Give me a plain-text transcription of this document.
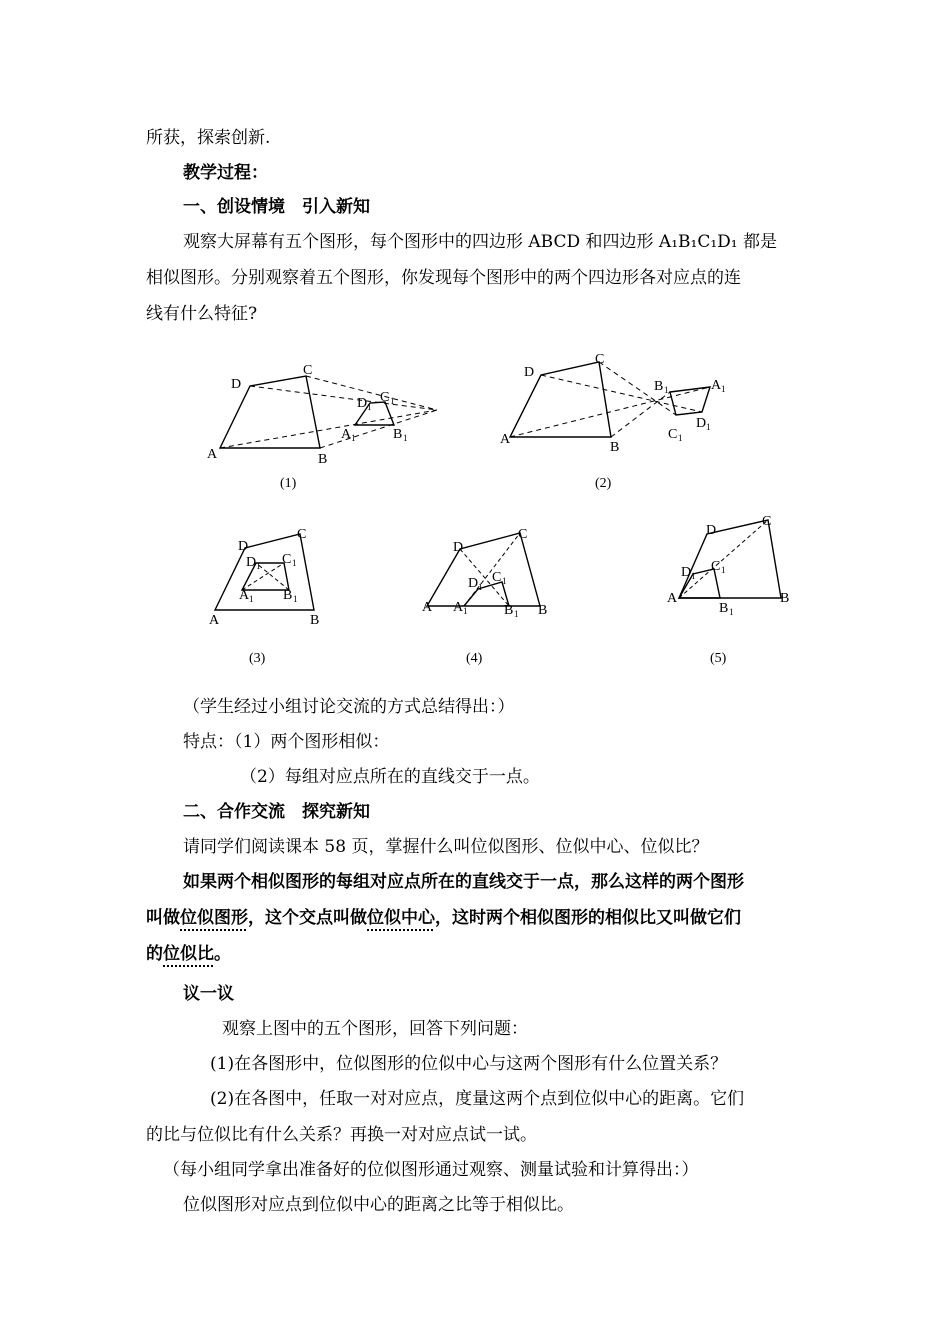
所获，探索创新.
教学过程：
一、创设情境　引入新知
观察大屏幕有五个图形，每个图形中的四边形 ABCD 和四边形 A₁B₁C₁D₁ 都是
相似图形。分别观察着五个图形，你发现每个图形中的两个四边形各对应点的连
线有什么特征?
D
C
A	B
D 1
C 1
A 1	B 1
(1)
D
C
A
B
B 1	A 1
D 1
C 1
(2)
D
C
A	B
D 1 C 1
A 1 B 1
(3)
D
C
A	B
D 1
C 1
A 1	B 1
(4)
D
C
A	B
D 1
C 1
B 1
(5)
（学生经过小组讨论交流的方式总结得出：）
特点：（1）两个图形相似：
（2）每组对应点所在的直线交于一点。
二、合作交流　探究新知
请同学们阅读课本 58 页，掌握什么叫位似图形、位似中心、位似比？
如果两个相似图形的每组对应点所在的直线交于一点，那么这样的两个图形
叫做位似图形，这个交点叫做位似中心，这时两个相似图形的相似比又叫做它们
的位似比。
议一议
观察上图中的五个图形，回答下列问题：
(1)在各图形中，位似图形的位似中心与这两个图形有什么位置关系？
(2)在各图中，任取一对对应点，度量这两个点到位似中心的距离。它们
的比与位似比有什么关系？再换一对对应点试一试。
（每小组同学拿出准备好的位似图形通过观察、测量试验和计算得出：）
位似图形对应点到位似中心的距离之比等于相似比。
